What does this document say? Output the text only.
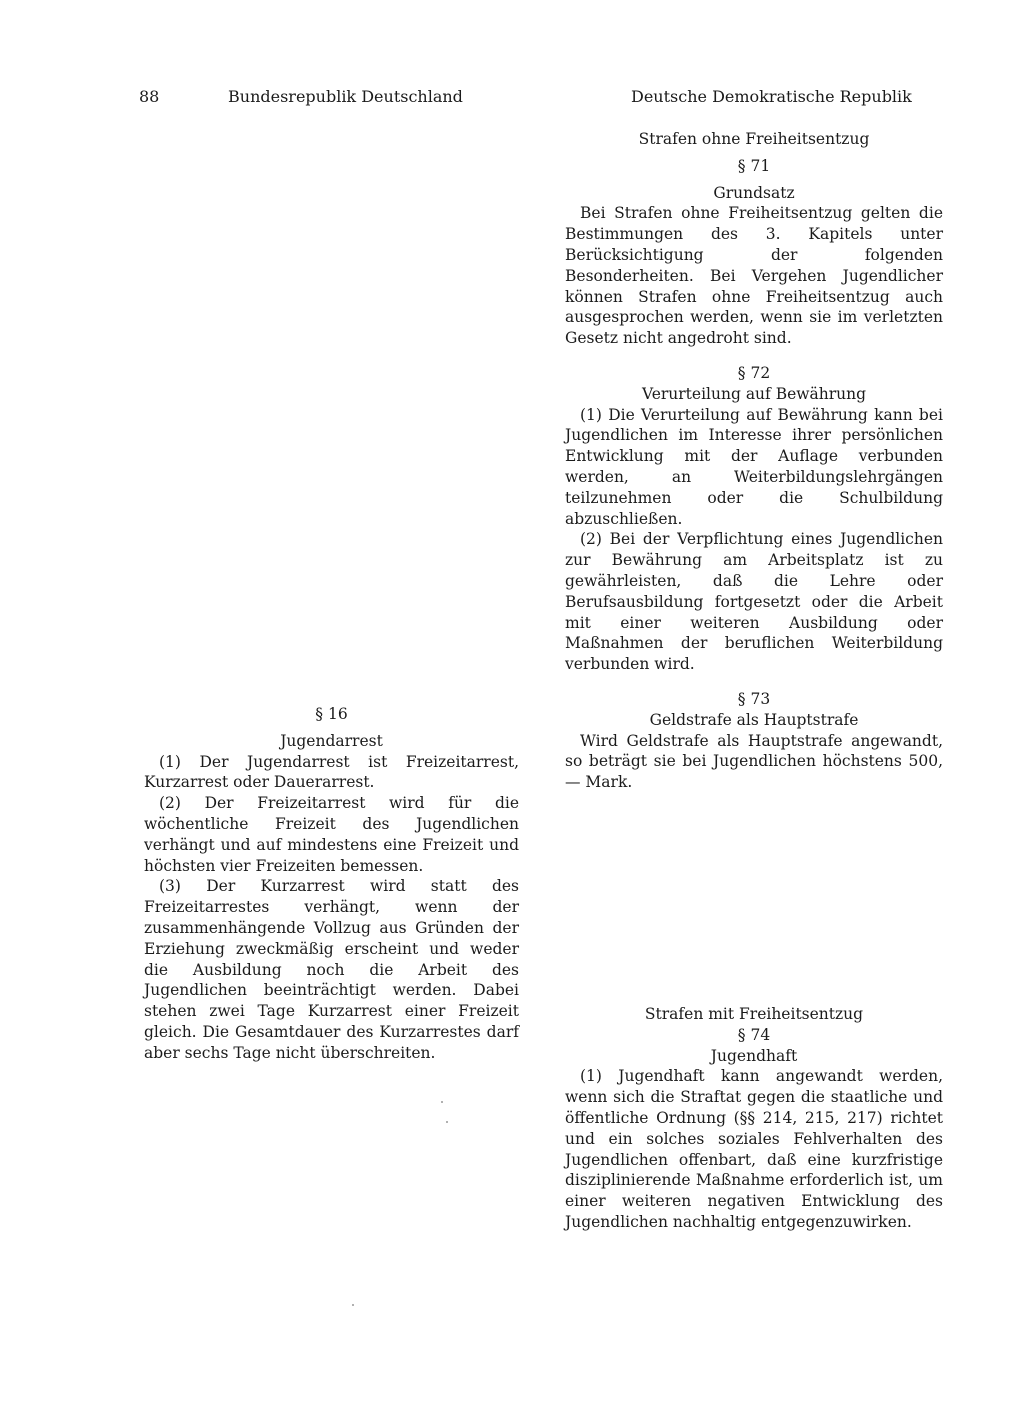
88	Bundesrepublik Deutschland	Deutsche Demokratische Republik
Strafen ohne Freiheitsentzug
§ 71
Grundsatz

Bei Strafen ohne Freiheitsentzug gelten die Bestimmungen des 3. Kapitels unter Berücksichtigung der folgenden Besonderheiten. Bei Vergehen Jugendlicher können Strafen ohne Freiheitsentzug auch ausgesprochen werden, wenn sie im verletzten Gesetz nicht angedroht sind.

§ 72
Verurteilung auf Bewährung

(1) Die Verurteilung auf Bewährung kann bei Jugendlichen im Interesse ihrer persönlichen Entwicklung mit der Auflage verbunden werden, an Weiterbildungslehrgängen teilzunehmen oder die Schulbildung abzuschließen.

(2) Bei der Verpflichtung eines Jugendlichen zur Bewährung am Arbeitsplatz ist zu gewährleisten, daß die Lehre oder Berufsausbildung fortgesetzt oder die Arbeit mit einer weiteren Ausbildung oder Maßnahmen der beruflichen Weiterbildung verbunden wird.

§ 73
Geldstrafe als Hauptstrafe

Wird Geldstrafe als Hauptstrafe angewandt, so beträgt sie bei Jugendlichen höchstens 500,— Mark.

§ 16
Jugendarrest

(1) Der Jugendarrest ist Freizeitarrest, Kurzarrest oder Dauerarrest.

(2) Der Freizeitarrest wird für die wöchentliche Freizeit des Jugendlichen verhängt und auf mindestens eine Freizeit und höchsten vier Freizeiten bemessen.

(3) Der Kurzarrest wird statt des Freizeitarrestes verhängt, wenn der zusammenhängende Vollzug aus Gründen der Erziehung zweckmäßig erscheint und weder die Ausbildung noch die Arbeit des Jugendlichen beeinträchtigt werden. Dabei stehen zwei Tage Kurzarrest einer Freizeit gleich. Die Gesamtdauer des Kurzarrestes darf aber sechs Tage nicht überschreiten.

Strafen mit Freiheitsentzug
§ 74
Jugendhaft

(1) Jugendhaft kann angewandt werden, wenn sich die Straftat gegen die staatliche und öffentliche Ordnung (§§ 214, 215, 217) richtet und ein solches soziales Fehlverhalten des Jugendlichen offenbart, daß eine kurzfristige disziplinierende Maßnahme erforderlich ist, um einer weiteren negativen Entwicklung des Jugendlichen nachhaltig entgegenzuwirken.
